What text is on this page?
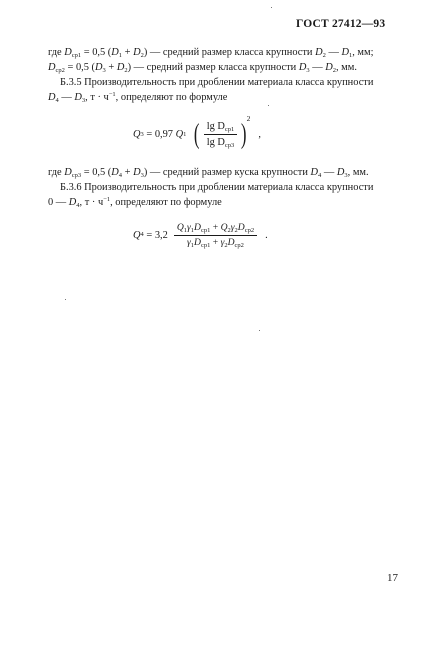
ГОСТ 27412—93
где $D_{cp1} = 0,5$ $(D_1 + D_2)$ — средний размер класса крупности $D_2$ — $D_1$, мм;
$D_{cp2} = 0,5$ $(D_3 + D_2)$ — средний размер класса крупности $D_3$ — $D_2$, мм.
Б.3.5 Производительность при дроблении материала класса крупности
$D_4$ — $D_3$, $т \cdot ч^{-1}$, определяют по формуле
Q 3 = 0,97 Q 1 ( $\frac{\lg D_{cp1}}{\lg D_{cp3}}$ )
2
,
где $D_{cp3} = 0,5$ $(D_4 + D_3)$ — средний размер куска крупности $D_4$ — $D_3$, мм.
Б.3.6 Производительность при дроблении материала класса крупности
0 — $D_4$, $т \cdot ч^{-1}$, определяют по формуле
Q $4 = 3,2 \frac{Q_1\gamma_1D_{cp1} + Q_2\gamma_2D_{cp2}}{\gamma_1D_{cp1} + \gamma_2D_{cp2}}$ .
17
